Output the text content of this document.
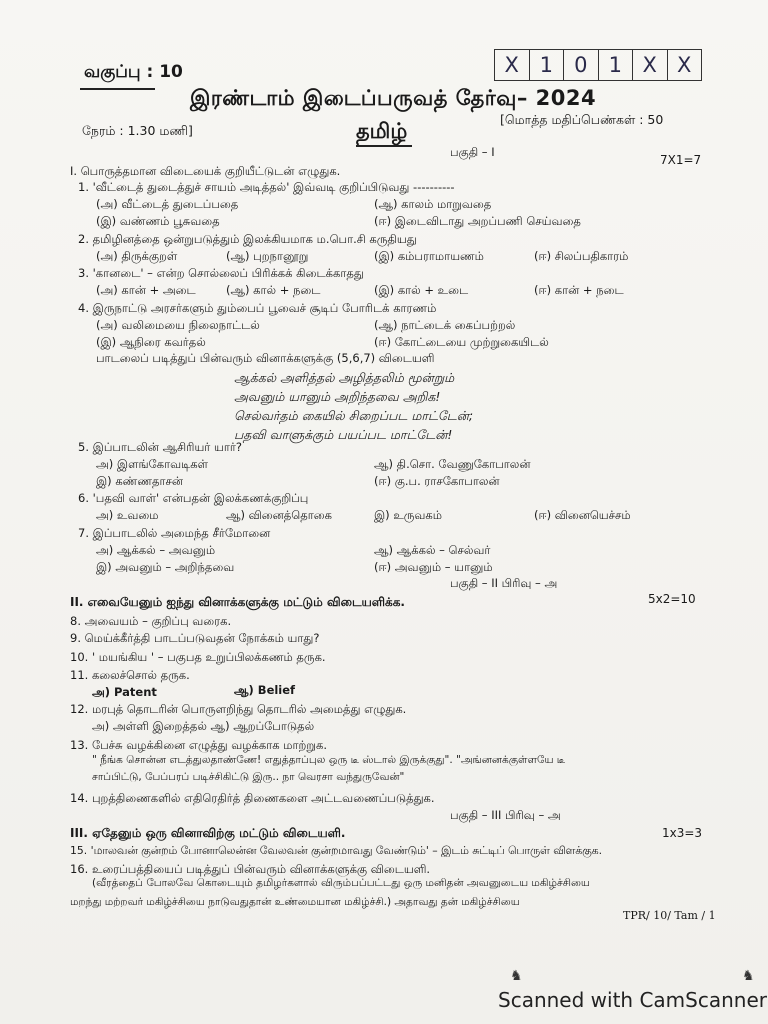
வகுப்பு : 10	X 1	0	1 X X
இரண்டாம் இடைப்பருவத் தேர்வு– 2024
நேரம் : 1.30 மணி]	தமிழ்	[மொத்த மதிப்பெண்கள் : 50
பகுதி – I
7X1=7
I. பொருத்தமான விடையைக் குறியீட்டுடன் எழுதுக.
1. 'வீட்டைத் துடைத்துச் சாயம் அடித்தல்' இவ்வடி குறிப்பிடுவது ----------
(அ) வீட்டைத் துடைப்பதை	(ஆ) காலம் மாறுவதை
(இ) வண்ணம் பூசுவதை	(ஈ) இடைவிடாது அறப்பணி செய்வதை
2. தமிழினத்தை ஒன்றுபடுத்தும் இலக்கியமாக ம.பொ.சி கருதியது
(அ) திருக்குறள்	(ஆ) புறநானூறு	(இ) கம்பராமாயணம்	(ஈ) சிலப்பதிகாரம்
3. 'கானடை' – என்ற சொல்லைப் பிரிக்கக் கிடைக்காதது
(அ) கான் + அடை	(ஆ) கால் + நடை	(இ) கால் + உடை	(ஈ) கான் + நடை
4. இருநாட்டு அரசர்களும் தும்பைப் பூவைச் சூடிப் போரிடக் காரணம்
(அ) வலிமையை நிலைநாட்டல்	(ஆ) நாட்டைக் கைப்பற்றல்
(இ) ஆநிரை கவர்தல்	(ஈ) கோட்டையை முற்றுகையிடல்
பாடலைப் படித்துப் பின்வரும் வினாக்களுக்கு (5,6,7) விடையளி
ஆக்கல் அளித்தல் அழித்தலிம் மூன்றும்
அவனும் யானும் அறிந்தவை அறிக!
செல்வர்தம் கையில் சிறைப்பட மாட்டேன்;
பதவி வாளுக்கும் பயப்பட மாட்டேன்!
5. இப்பாடலின் ஆசிரியர் யார்?
அ) இளங்கோவடிகள்	ஆ) தி.சொ. வேணுகோபாலன்
இ) கண்ணதாசன்	(ஈ) கு.ப. ராசகோபாலன்
6. 'பதவி வாள்' என்பதன் இலக்கணக்குறிப்பு
அ) உவமை	ஆ) வினைத்தொகை	இ) உருவகம்	(ஈ) வினையெச்சம்
7. இப்பாடலில் அமைந்த சீர்மோனை
அ) ஆக்கல் – அவனும்	ஆ) ஆக்கல் – செல்வர்
இ) அவனும் – அறிந்தவை	(ஈ) அவனும் – யானும்
பகுதி – II பிரிவு – அ
II. எவையேனும் ஐந்து வினாக்களுக்கு மட்டும் விடையளிக்க.	5x2=10
8. அவையம் – குறிப்பு வரைக.
9. மெய்க்கீர்த்தி பாடப்படுவதன் நோக்கம் யாது?
10. ' மயங்கிய ' – பகுபத உறுப்பிலக்கணம் தருக.
11. கலைச்சொல் தருக.
அ) Patent	ஆ) Belief
12. மரபுத் தொடரின் பொருளறிந்து தொடரில் அமைத்து எழுதுக.
அ) அள்ளி இறைத்தல் ஆ) ஆறப்போடுதல்
13. பேச்சு வழக்கினை எழுத்து வழக்காக மாற்றுக.
" நீங்க சொன்ன எடத்துலதாண்ணே! எதுத்தாப்புல ஒரு டீ ஸ்டால் இருக்குது". "அங்னனக்குள்ளயே டீ
சாப்பிட்டு, பேப்பரப் படிச்சிகிட்டு இரு.. நா வெரசா வந்துருவேன்"
14. புறத்திணைகளில் எதிரெதிர்த் திணைகளை அட்டவணைப்படுத்துக.
பகுதி – III பிரிவு – அ
III. ஏதேனும் ஒரு வினாவிற்கு மட்டும் விடையளி.	1x3=3
15. 'மாலவன் குன்றம் போனாலென்ன வேலவன் குன்றமாவது வேண்டும்' – இடம் சுட்டிப் பொருள் விளக்குக.
16. உரைப்பத்தியைப் படித்துப் பின்வரும் வினாக்களுக்கு விடையளி.
(வீரத்தைப் போலவே கொடையும் தமிழர்களால் விரும்பப்பட்டது ஒரு மனிதன் அவனுடைய மகிழ்ச்சியை
மறந்து மற்றவர் மகிழ்ச்சியை நாடுவதுதான் உண்மையான மகிழ்ச்சி.) அதாவது தன் மகிழ்ச்சியை
TPR/ 10/ Tam / 1
♞	♞
Scanned with CamScanner
